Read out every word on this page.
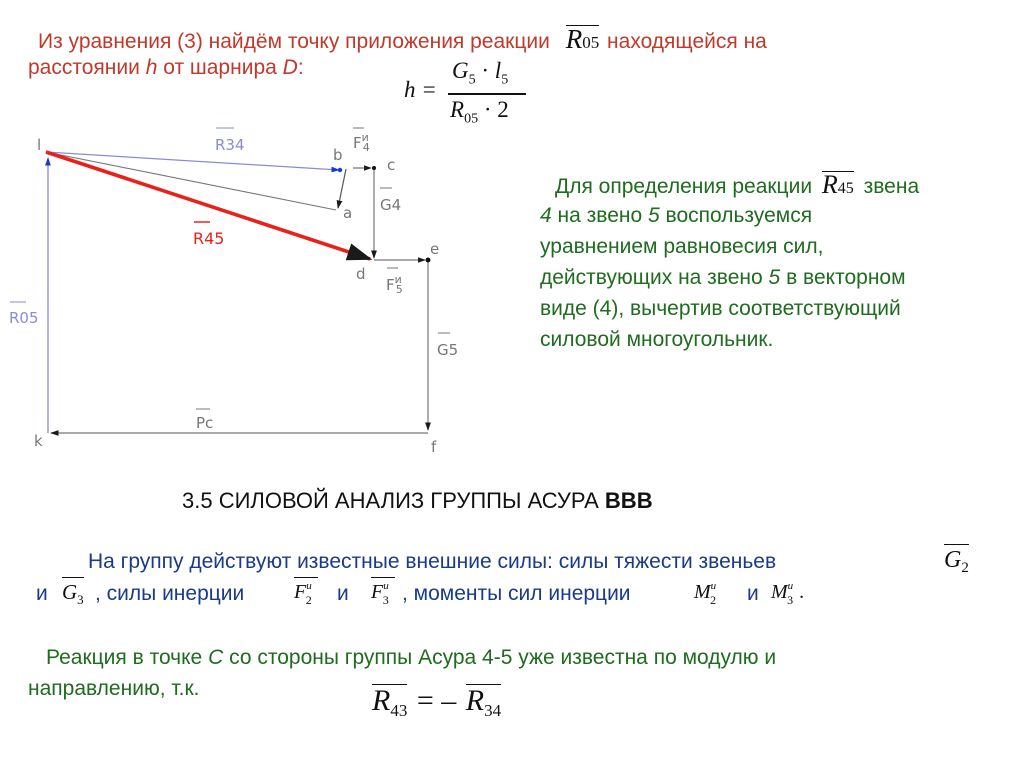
Из уравнения (3) найдём точку приложения реакции R05 находящейся на
расстоянии h от шарнира D:
h =
$G_5 \cdot l_5$
$R_{05} \cdot 2$
l
b
c
a
d
e
k	f
R34	$F^и$ 4
G4
R45
$F^и$ 5
G5
R05
Pc
Для определения реакции R45 звена
4 на звено 5 воспользуемся
уравнением равновесия сил,
действующих на звено 5 в векторном
виде (4), вычертив соответствующий
силовой многоугольник.
3.5 СИЛОВОЙ АНАЛИЗ ГРУППЫ АСУРА ВВВ
На группу действуют известные внешние силы: силы тяжести звеньев	$G_2$
и $G_3$ , силы инерции $F^и_2$ и $F^и_3$ , моменты сил инерции	$M^и_2$ и $M^и_3$ .
Реакция в точке С со стороны группы Асура 4-5 уже известна по модулю и
направлению, т.к.	$R_{43}$ = – $R_{34}$
